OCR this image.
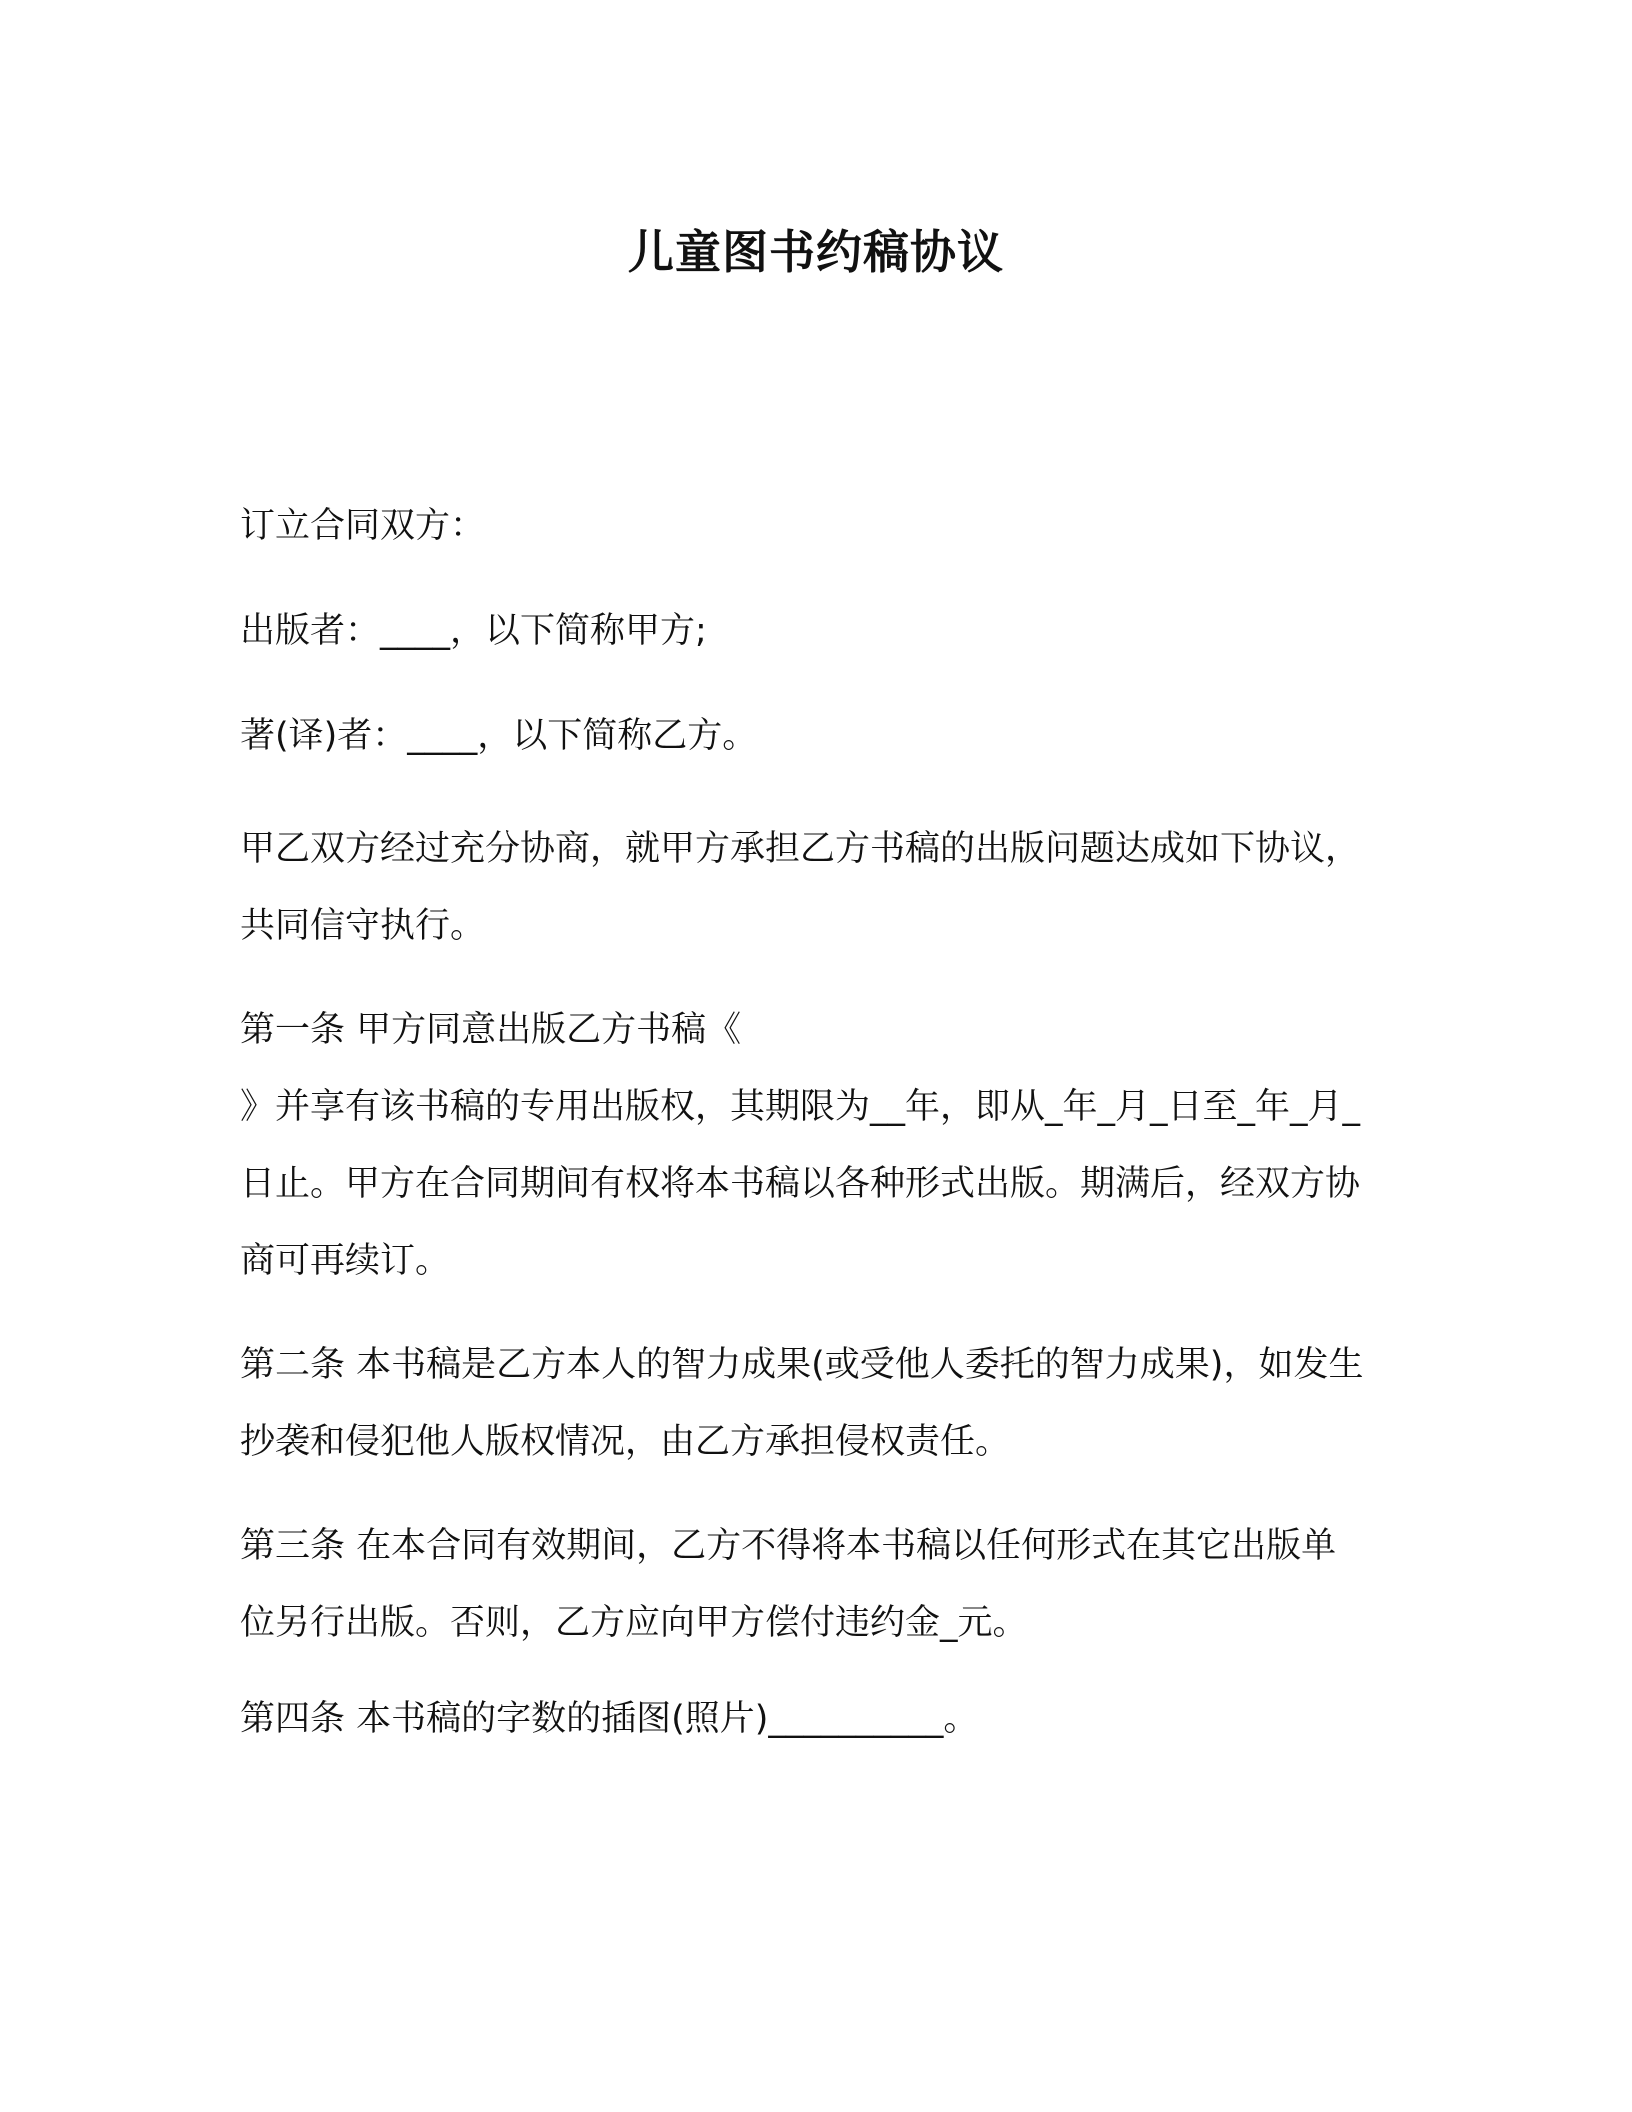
儿童图书约稿协议

订立合同双方：

出版者：____，以下简称甲方;

著(译)者：____，以下简称乙方。

甲乙双方经过充分协商，就甲方承担乙方书稿的出版问题达成如下协议，共同信守执行。

第一条 甲方同意出版乙方书稿《
》并享有该书稿的专用出版权，其期限为__年，即从_年_月_日至_年_月_日止。甲方在合同期间有权将本书稿以各种形式出版。期满后，经双方协商可再续订。

第二条 本书稿是乙方本人的智力成果(或受他人委托的智力成果)，如发生抄袭和侵犯他人版权情况，由乙方承担侵权责任。

第三条 在本合同有效期间，乙方不得将本书稿以任何形式在其它出版单位另行出版。否则，乙方应向甲方偿付违约金_元。

第四条 本书稿的字数的插图(照片)__________。
